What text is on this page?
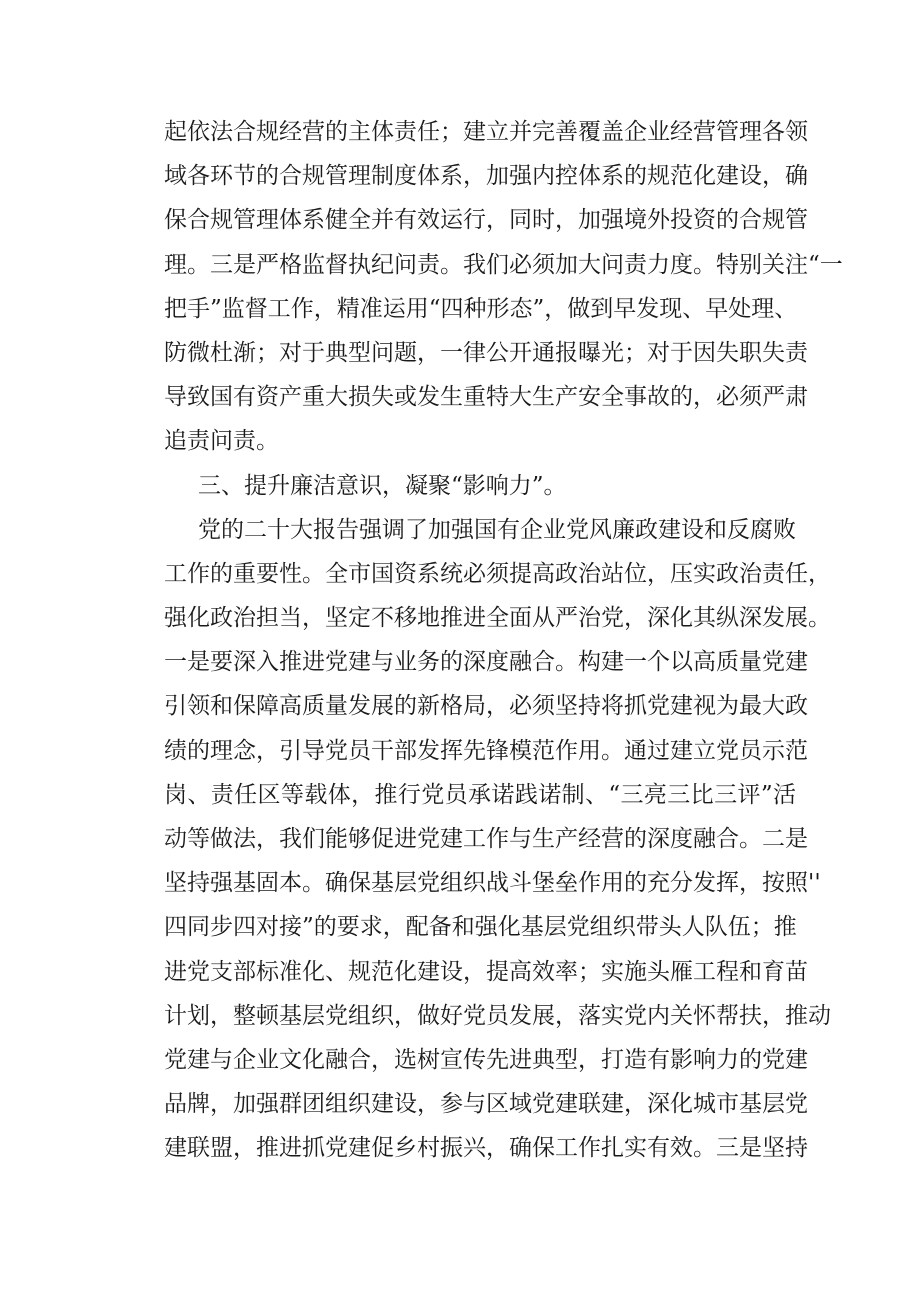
起依法合规经营的主体责任；建立并完善覆盖企业经营管理各领
域各环节的合规管理制度体系，加强内控体系的规范化建设，确
保合规管理体系健全并有效运行，同时，加强境外投资的合规管
理。三是严格监督执纪问责。我们必须加大问责力度。特别关注“一
把手”监督工作，精准运用“四种形态”，做到早发现、早处理、
防微杜渐；对于典型问题，一律公开通报曝光；对于因失职失责
导致国有资产重大损失或发生重特大生产安全事故的，必须严肃
追责问责。
三、提升廉洁意识，凝聚“影响力”。
党的二十大报告强调了加强国有企业党风廉政建设和反腐败
工作的重要性。全市国资系统必须提高政治站位，压实政治责任，
强化政治担当，坚定不移地推进全面从严治党，深化其纵深发展。
一是要深入推进党建与业务的深度融合。构建一个以高质量党建
引领和保障高质量发展的新格局，必须坚持将抓党建视为最大政
绩的理念，引导党员干部发挥先锋模范作用。通过建立党员示范
岗、责任区等载体，推行党员承诺践诺制、“三亮三比三评”活
动等做法，我们能够促进党建工作与生产经营的深度融合。二是
坚持强基固本。确保基层党组织战斗堡垒作用的充分发挥，按照''
四同步四对接”的要求，配备和强化基层党组织带头人队伍；推
进党支部标准化、规范化建设，提高效率；实施头雁工程和育苗
计划，整顿基层党组织，做好党员发展，落实党内关怀帮扶，推动
党建与企业文化融合，选树宣传先进典型，打造有影响力的党建
品牌，加强群团组织建设，参与区域党建联建，深化城市基层党
建联盟，推进抓党建促乡村振兴，确保工作扎实有效。三是坚持
